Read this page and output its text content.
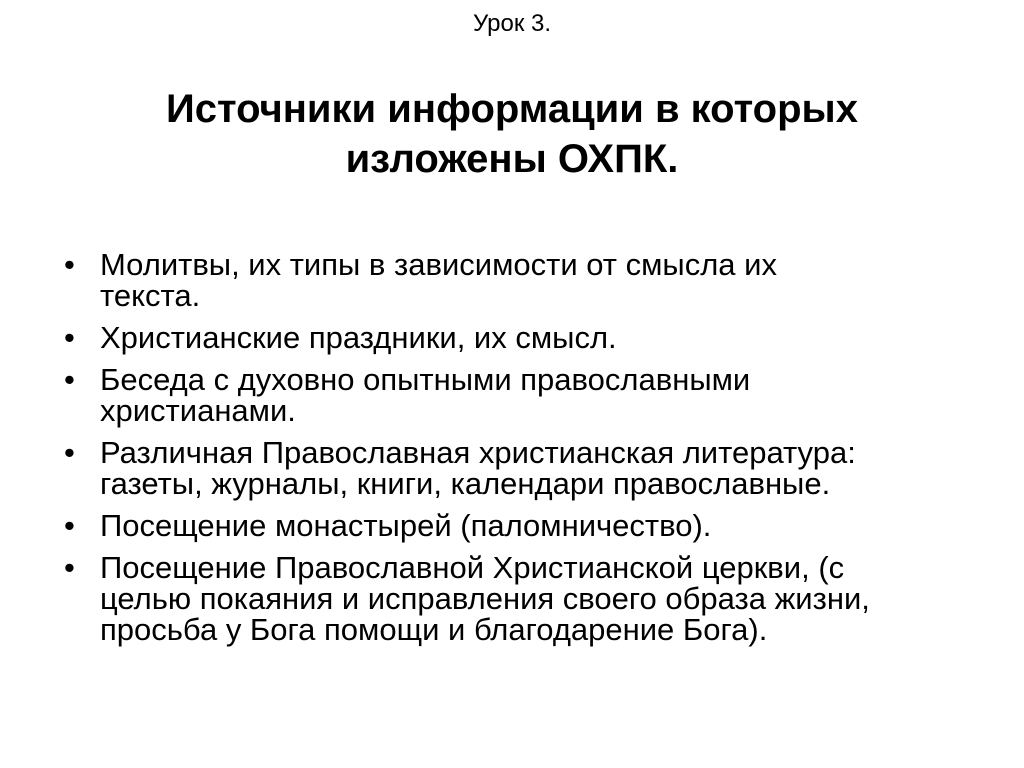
Урок 3.
Источники информации в которых
изложены ОХПК.
• Молитвы, их типы в зависимости от смысла их
текста.
• Христианские праздники, их смысл.
• Беседа с духовно опытными православными
христианами.
• Различная Православная христианская литература:
газеты, журналы, книги, календари православные.
• Посещение монастырей (паломничество).
• Посещение Православной Христианской церкви, (с
целью покаяния и исправления своего образа жизни,
просьба у Бога помощи и благодарение Бога).
